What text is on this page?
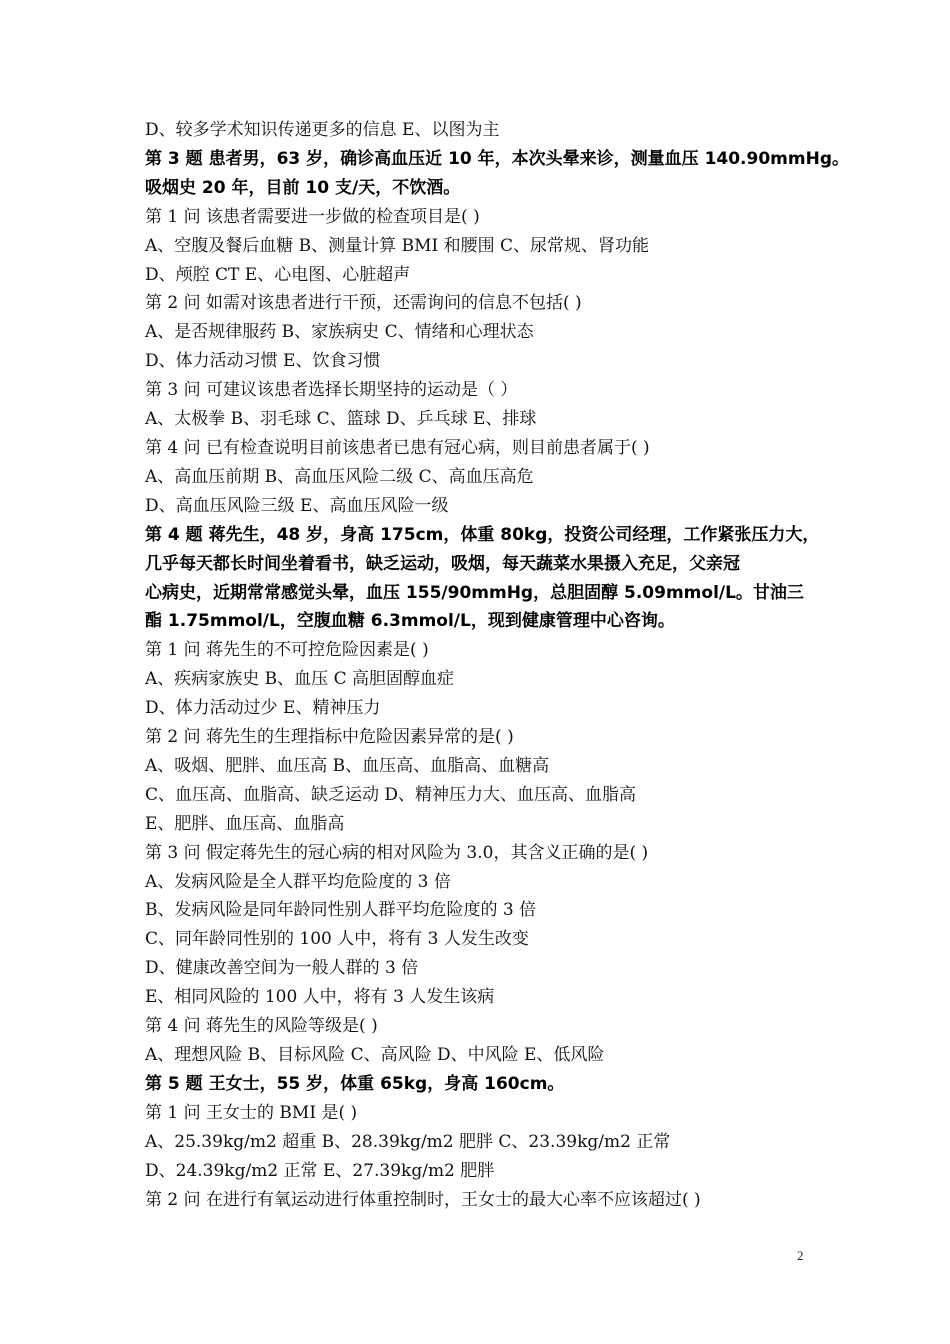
D、较多学术知识传递更多的信息 E、以图为主
第 3 题 患者男，63 岁，确诊高血压近 10 年，本次头晕来诊，测量血压 140.90mmHg。
吸烟史 20 年，目前 10 支/天，不饮酒。
第 1 问 该患者需要进一步做的检查项目是( )
A、空腹及餐后血糖 B、测量计算 BMI 和腰围 C、尿常规、肾功能
D、颅腔 CT E、心电图、心脏超声
第 2 问 如需对该患者进行干预，还需询问的信息不包括( )
A、是否规律服药 B、家族病史 C、情绪和心理状态
D、体力活动习惯 E、饮食习惯
第 3 问 可建议该患者选择长期坚持的运动是（ ）
A、太极拳 B、羽毛球 C、篮球 D、乒乓球 E、排球
第 4 问 已有检查说明目前该患者已患有冠心病，则目前患者属于( )
A、高血压前期 B、高血压风险二级 C、高血压高危
D、高血压风险三级 E、高血压风险一级
第 4 题 蒋先生，48 岁，身高 175cm，体重 80kg，投资公司经理，工作紧张压力大，
几乎每天都长时间坐着看书，缺乏运动，吸烟，每天蔬菜水果摄入充足，父亲冠
心病史，近期常常感觉头晕，血压 155/90mmHg，总胆固醇 5.09mmol/L。甘油三
酯 1.75mmol/L，空腹血糖 6.3mmol/L，现到健康管理中心咨询。
第 1 问 蒋先生的不可控危险因素是( )
A、疾病家族史 B、血压 C 高胆固醇血症
D、体力活动过少 E、精神压力
第 2 问 蒋先生的生理指标中危险因素异常的是( )
A、吸烟、肥胖、血压高 B、血压高、血脂高、血糖高
C、血压高、血脂高、缺乏运动 D、精神压力大、血压高、血脂高
E、肥胖、血压高、血脂高
第 3 问 假定蒋先生的冠心病的相对风险为 3.0，其含义正确的是( )
A、发病风险是全人群平均危险度的 3 倍
B、发病风险是同年龄同性别人群平均危险度的 3 倍
C、同年龄同性别的 100 人中，将有 3 人发生改变
D、健康改善空间为一般人群的 3 倍
E、相同风险的 100 人中，将有 3 人发生该病
第 4 问 蒋先生的风险等级是( )
A、理想风险 B、目标风险 C、高风险 D、中风险 E、低风险
第 5 题 王女士，55 岁，体重 65kg，身高 160cm。
第 1 问 王女士的 BMI 是( )
A、25.39kg/m2 超重 B、28.39kg/m2 肥胖 C、23.39kg/m2 正常
D、24.39kg/m2 正常 E、27.39kg/m2 肥胖
第 2 问 在进行有氧运动进行体重控制时，王女士的最大心率不应该超过( )
2
